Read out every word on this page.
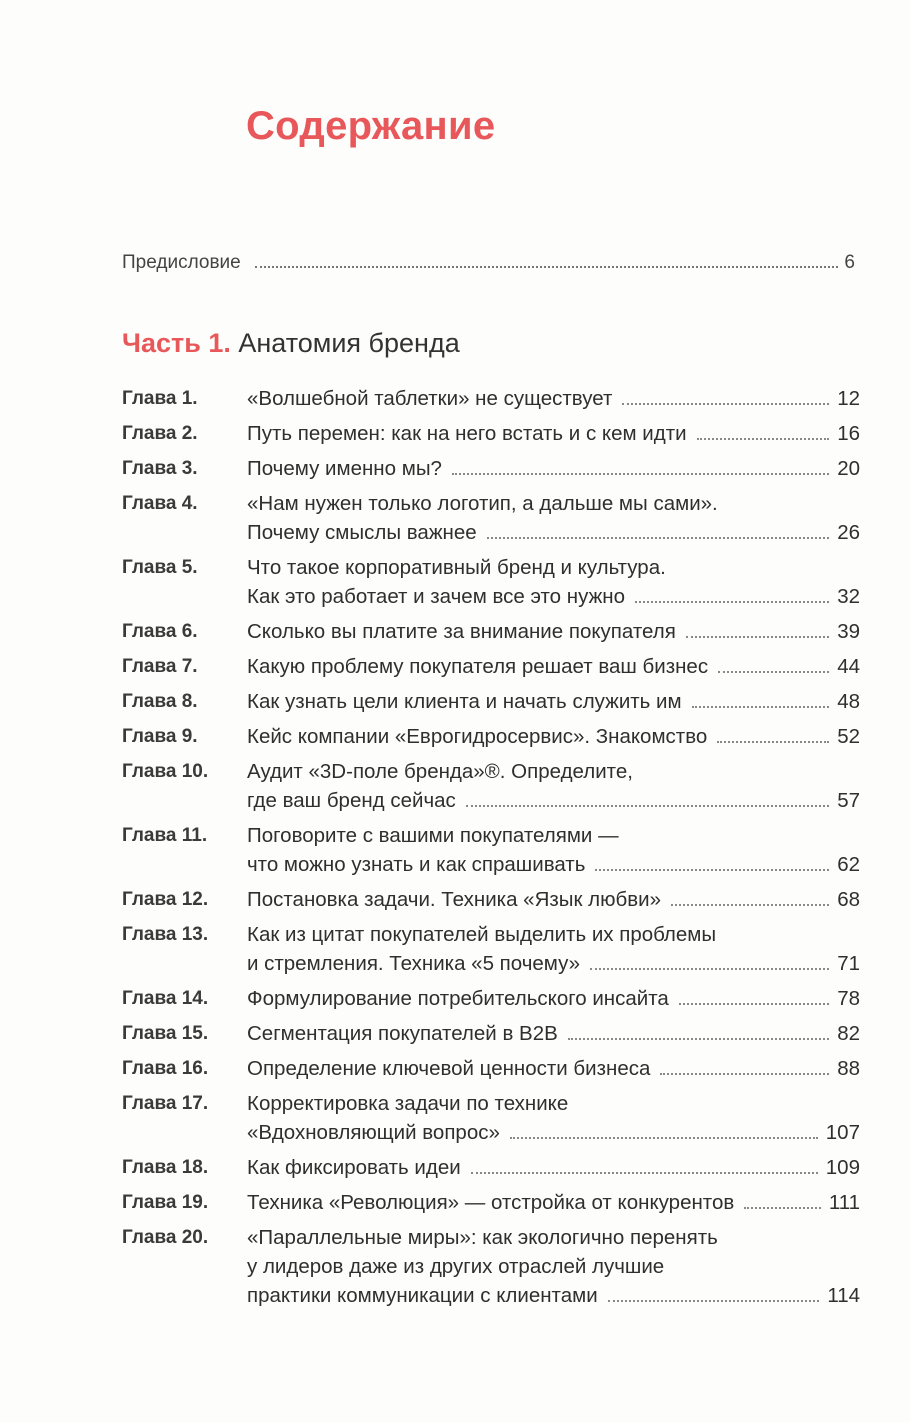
Содержание
Предисловие	6
Часть 1. Анатомия бренда
Глава 1.	«Волшебной таблетки» не существует	12
Глава 2.	Путь перемен: как на него встать и с кем идти	16
Глава 3.	Почему именно мы?	20
Глава 4.	«Нам нужен только логотип, а дальше мы сами».
Почему смыслы важнее	26
Глава 5.	Что такое корпоративный бренд и культура.
Как это работает и зачем все это нужно	32
Глава 6.	Сколько вы платите за внимание покупателя	39
Глава 7.	Какую проблему покупателя решает ваш бизнес	44
Глава 8.	Как узнать цели клиента и начать служить им	48
Глава 9.	Кейс компании «Еврогидросервис». Знакомство	52
Глава 10.	Аудит «3D-поле бренда»®. Определите,
где ваш бренд сейчас	57
Глава 11.	Поговорите с вашими покупателями —
что можно узнать и как спрашивать	62
Глава 12.	Постановка задачи. Техника «Язык любви»	68
Глава 13.	Как из цитат покупателей выделить их проблемы
и стремления. Техника «5 почему»	71
Глава 14.	Формулирование потребительского инсайта	78
Глава 15.	Сегментация покупателей в B2B	82
Глава 16.	Определение ключевой ценности бизнеса	88
Глава 17.	Корректировка задачи по технике
«Вдохновляющий вопрос»	107
Глава 18.	Как фиксировать идеи	109
Глава 19.	Техника «Революция» — отстройка от конкурентов	111
Глава 20.	«Параллельные миры»: как экологично перенять
у лидеров даже из других отраслей лучшие
практики коммуникации с клиентами	114
